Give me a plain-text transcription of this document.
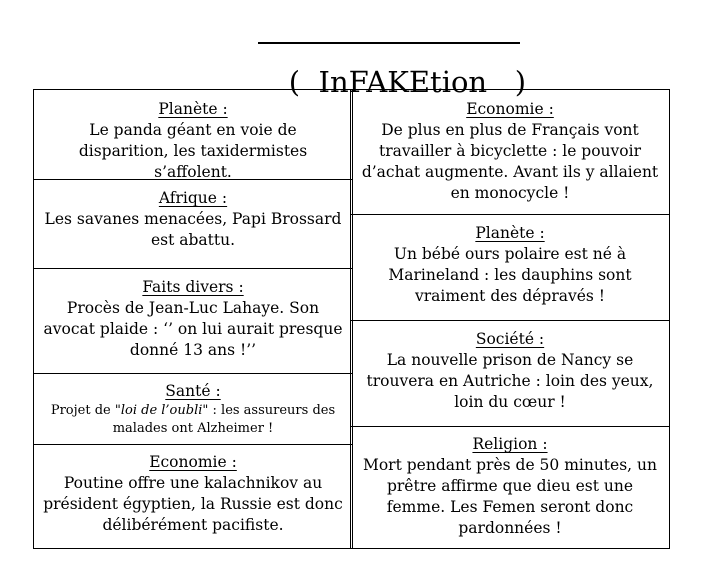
(  InFAKEtion   )

Planète :
Le panda géant en voie de disparition, les taxidermistes s’affolent.
Afrique :
Les savanes menacées, Papi Brossard est abattu.
Faits divers :
Procès de Jean-Luc Lahaye. Son avocat plaide : ‘’ on lui aurait presque donné 13 ans !’’
Santé :
Projet de "loi de l’oubli" : les assureurs des malades ont Alzheimer !
Economie :
Poutine offre une kalachnikov au président égyptien, la Russie est donc délibérément pacifiste.
Economie :
De plus en plus de Français vont travailler à bicyclette : le pouvoir d’achat augmente. Avant ils y allaient en monocycle !
Planète :
Un bébé ours polaire est né à Marineland : les dauphins sont vraiment des dépravés !
Société :
La nouvelle prison de Nancy se trouvera en Autriche : loin des yeux, loin du cœur !
Religion :
Mort pendant près de 50 minutes, un prêtre affirme que dieu est une femme. Les Femen seront donc pardonnées !
